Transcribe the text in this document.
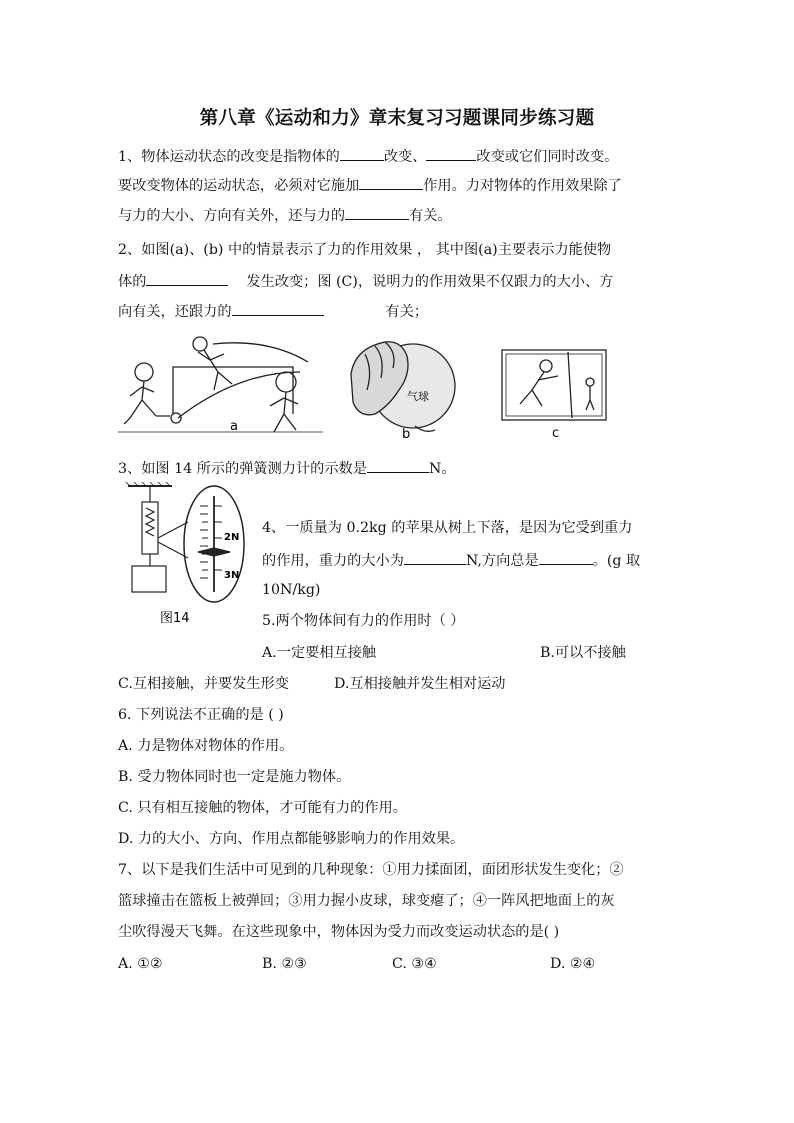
第八章《运动和力》章末复习习题课同步练习题
1、物体运动状态的改变是指物体的	改变、	改变或它们同时改变。
要改变物体的运动状态，必须对它施加	作用。力对物体的作用效果除了
与力的大小、方向有关外，还与力的	有关。
2、如图(a)、(b) 中的情景表示了力的作用效果 ， 其中图(a)主要表示力能使物
体的	发生改变；图 (C)，说明力的作用效果不仅跟力的大小、方
向有关，还跟力的	有关；
a
气球
b	c
3、如图 14 所示的弹簧测力计的示数是	N。
2N
3N
图14
4、一质量为 0.2kg 的苹果从树上下落，是因为它受到重力
的作用，重力的大小为	N,方向总是	。(g 取
10N/kg)
5.两个物体间有力的作用时（ ）
A.一定要相互接触	B.可以不接触
C.互相接触，并要发生形变	D.互相接触并发生相对运动
6. 下列说法不正确的是 ( )
A. 力是物体对物体的作用。
B. 受力物体同时也一定是施力物体。
C. 只有相互接触的物体，才可能有力的作用。
D. 力的大小、方向、作用点都能够影响力的作用效果。
7、以下是我们生活中可见到的几种现象：①用力揉面团，面团形状发生变化；②
篮球撞击在篮板上被弹回；③用力握小皮球，球变瘪了；④一阵风把地面上的灰
尘吹得漫天飞舞。在这些现象中，物体因为受力而改变运动状态的是( )
A. ①②	B. ②③	C. ③④	D. ②④
